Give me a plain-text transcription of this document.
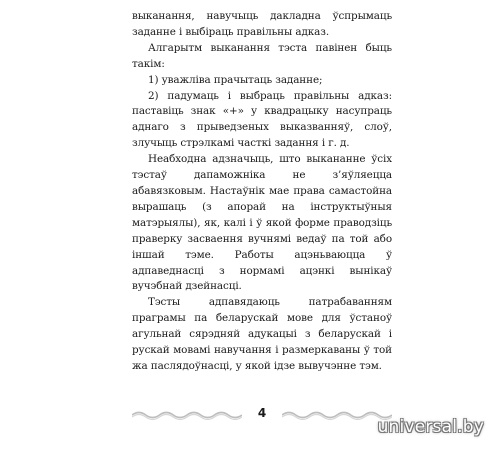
выканання, навучыць дакладна ўспрымаць заданне і выбіраць правільны адказ.

Алгарытм выканання тэста павінен быць такім:

1) уважліва прачытаць заданне;

2) падумаць і выбраць правільны адказ: паставіць знак «+» у квадрацыку насупраць аднаго з прыведзеных выказванняў, слоў, злучыць стрэлкамі часткі задання і г. д.

Неабходна адзначыць, што выкананне ўсіх тэстаў дапаможніка не з’яўляецца абавязковым. Настаўнік мае права самастойна вырашаць (з апорай на інструктыўныя матэрыялы), як, калі і ў якой форме праводзіць праверку засваення вучнямі ведаў па той або іншай тэме. Работы ацэньваюцца ў адпаведнасці з нормамі ацэнкі вынікаў вучэбнай дзейнасці.

Тэсты адпавядаюць патрабаванням праграмы па беларускай мове для ўстаноў агульнай сярэдняй адукацыі з беларускай і рускай мовамі навучання і размеркаваны ў той жа паслядоўнасці, у якой ідзе вывучэнне тэм.

4
universal.by
